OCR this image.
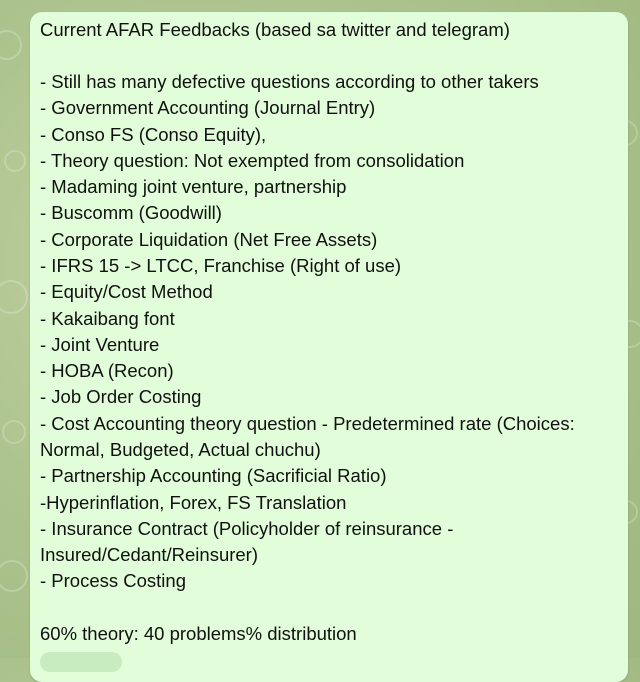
Current AFAR Feedbacks (based sa twitter and telegram)
- Still has many defective questions according to other takers
- Government Accounting (Journal Entry)
- Conso FS (Conso Equity),
- Theory question: Not exempted from consolidation
- Madaming joint venture, partnership
- Buscomm (Goodwill)
- Corporate Liquidation (Net Free Assets)
- IFRS 15 -> LTCC, Franchise (Right of use)
- Equity/Cost Method
- Kakaibang font
- Joint Venture
- HOBA (Recon)
- Job Order Costing
- Cost Accounting theory question - Predetermined rate (Choices:
Normal, Budgeted, Actual chuchu)
- Partnership Accounting (Sacrificial Ratio)
-Hyperinflation, Forex, FS Translation
- Insurance Contract (Policyholder of reinsurance -
Insured/Cedant/Reinsurer)
- Process Costing
60% theory: 40 problems% distribution
